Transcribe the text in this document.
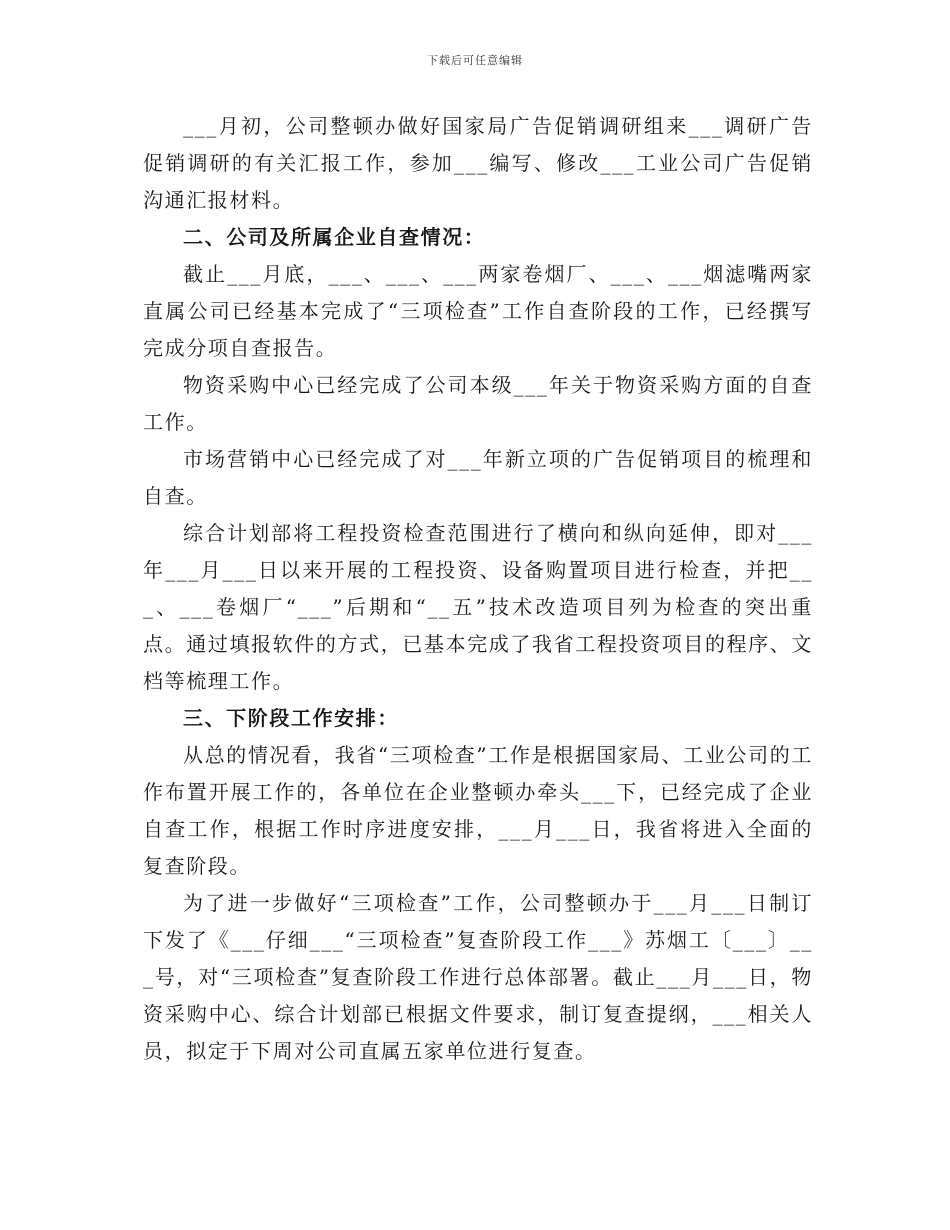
下载后可任意编辑

___月初，公司整顿办做好国家局广告促销调研组来___调研广告促销调研的有关汇报工作，参加___编写、修改___工业公司广告促销沟通汇报材料。

二、公司及所属企业自查情况：

截止___月底，___、___、___两家卷烟厂、___、___烟滤嘴两家直属公司已经基本完成了“三项检查”工作自查阶段的工作，已经撰写完成分项自查报告。

物资采购中心已经完成了公司本级___年关于物资采购方面的自查工作。

市场营销中心已经完成了对___年新立项的广告促销项目的梳理和自查。

综合计划部将工程投资检查范围进行了横向和纵向延伸，即对___年___月___日以来开展的工程投资、设备购置项目进行检查，并把___、___卷烟厂“___”后期和“__五”技术改造项目列为检查的突出重点。通过填报软件的方式，已基本完成了我省工程投资项目的程序、文档等梳理工作。

三、下阶段工作安排：

从总的情况看，我省“三项检查”工作是根据国家局、工业公司的工作布置开展工作的，各单位在企业整顿办牵头___下，已经完成了企业自查工作，根据工作时序进度安排，___月___日，我省将进入全面的复查阶段。

为了进一步做好“三项检查”工作，公司整顿办于___月___日制订下发了《___仔细___“三项检查”复查阶段工作___》苏烟工〔___〕___号，对“三项检查”复查阶段工作进行总体部署。截止___月___日，物资采购中心、综合计划部已根据文件要求，制订复查提纲，___相关人员，拟定于下周对公司直属五家单位进行复查。
